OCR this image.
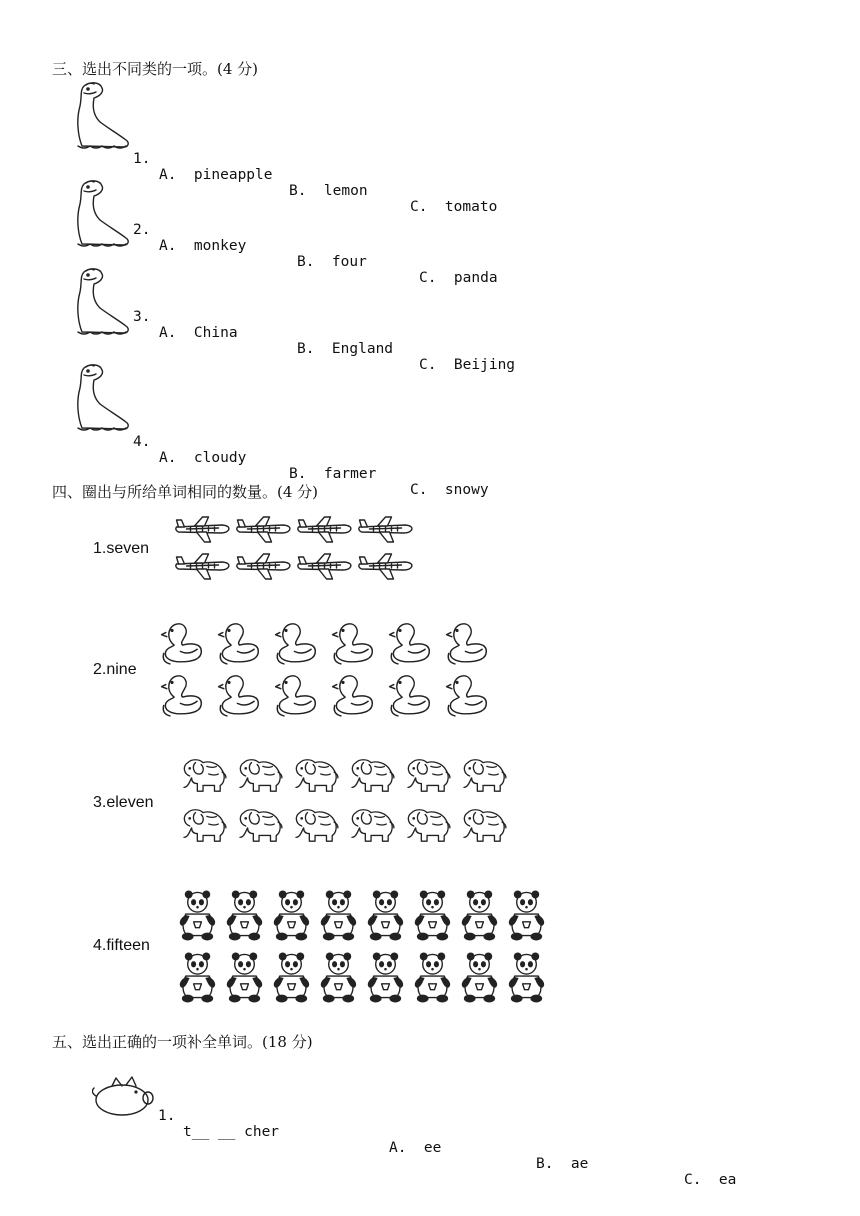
三、选出不同类的一项。(4 分)

1.

A.  pineapple

B.  lemon

C.  tomato

2.

A.  monkey

B.  four

C.  panda

3.

A.  China

B.  England

C.  Beijing

4.

A.  cloudy

B.  farmer

C.  snowy

四、圈出与所给单词相同的数量。(4 分)
1.seven
2.nine
3.eleven
4.fifteen
五、选出正确的一项补全单词。(18 分)

1.

t__ __ cher

A.  ee

B.  ae

C.  ea
